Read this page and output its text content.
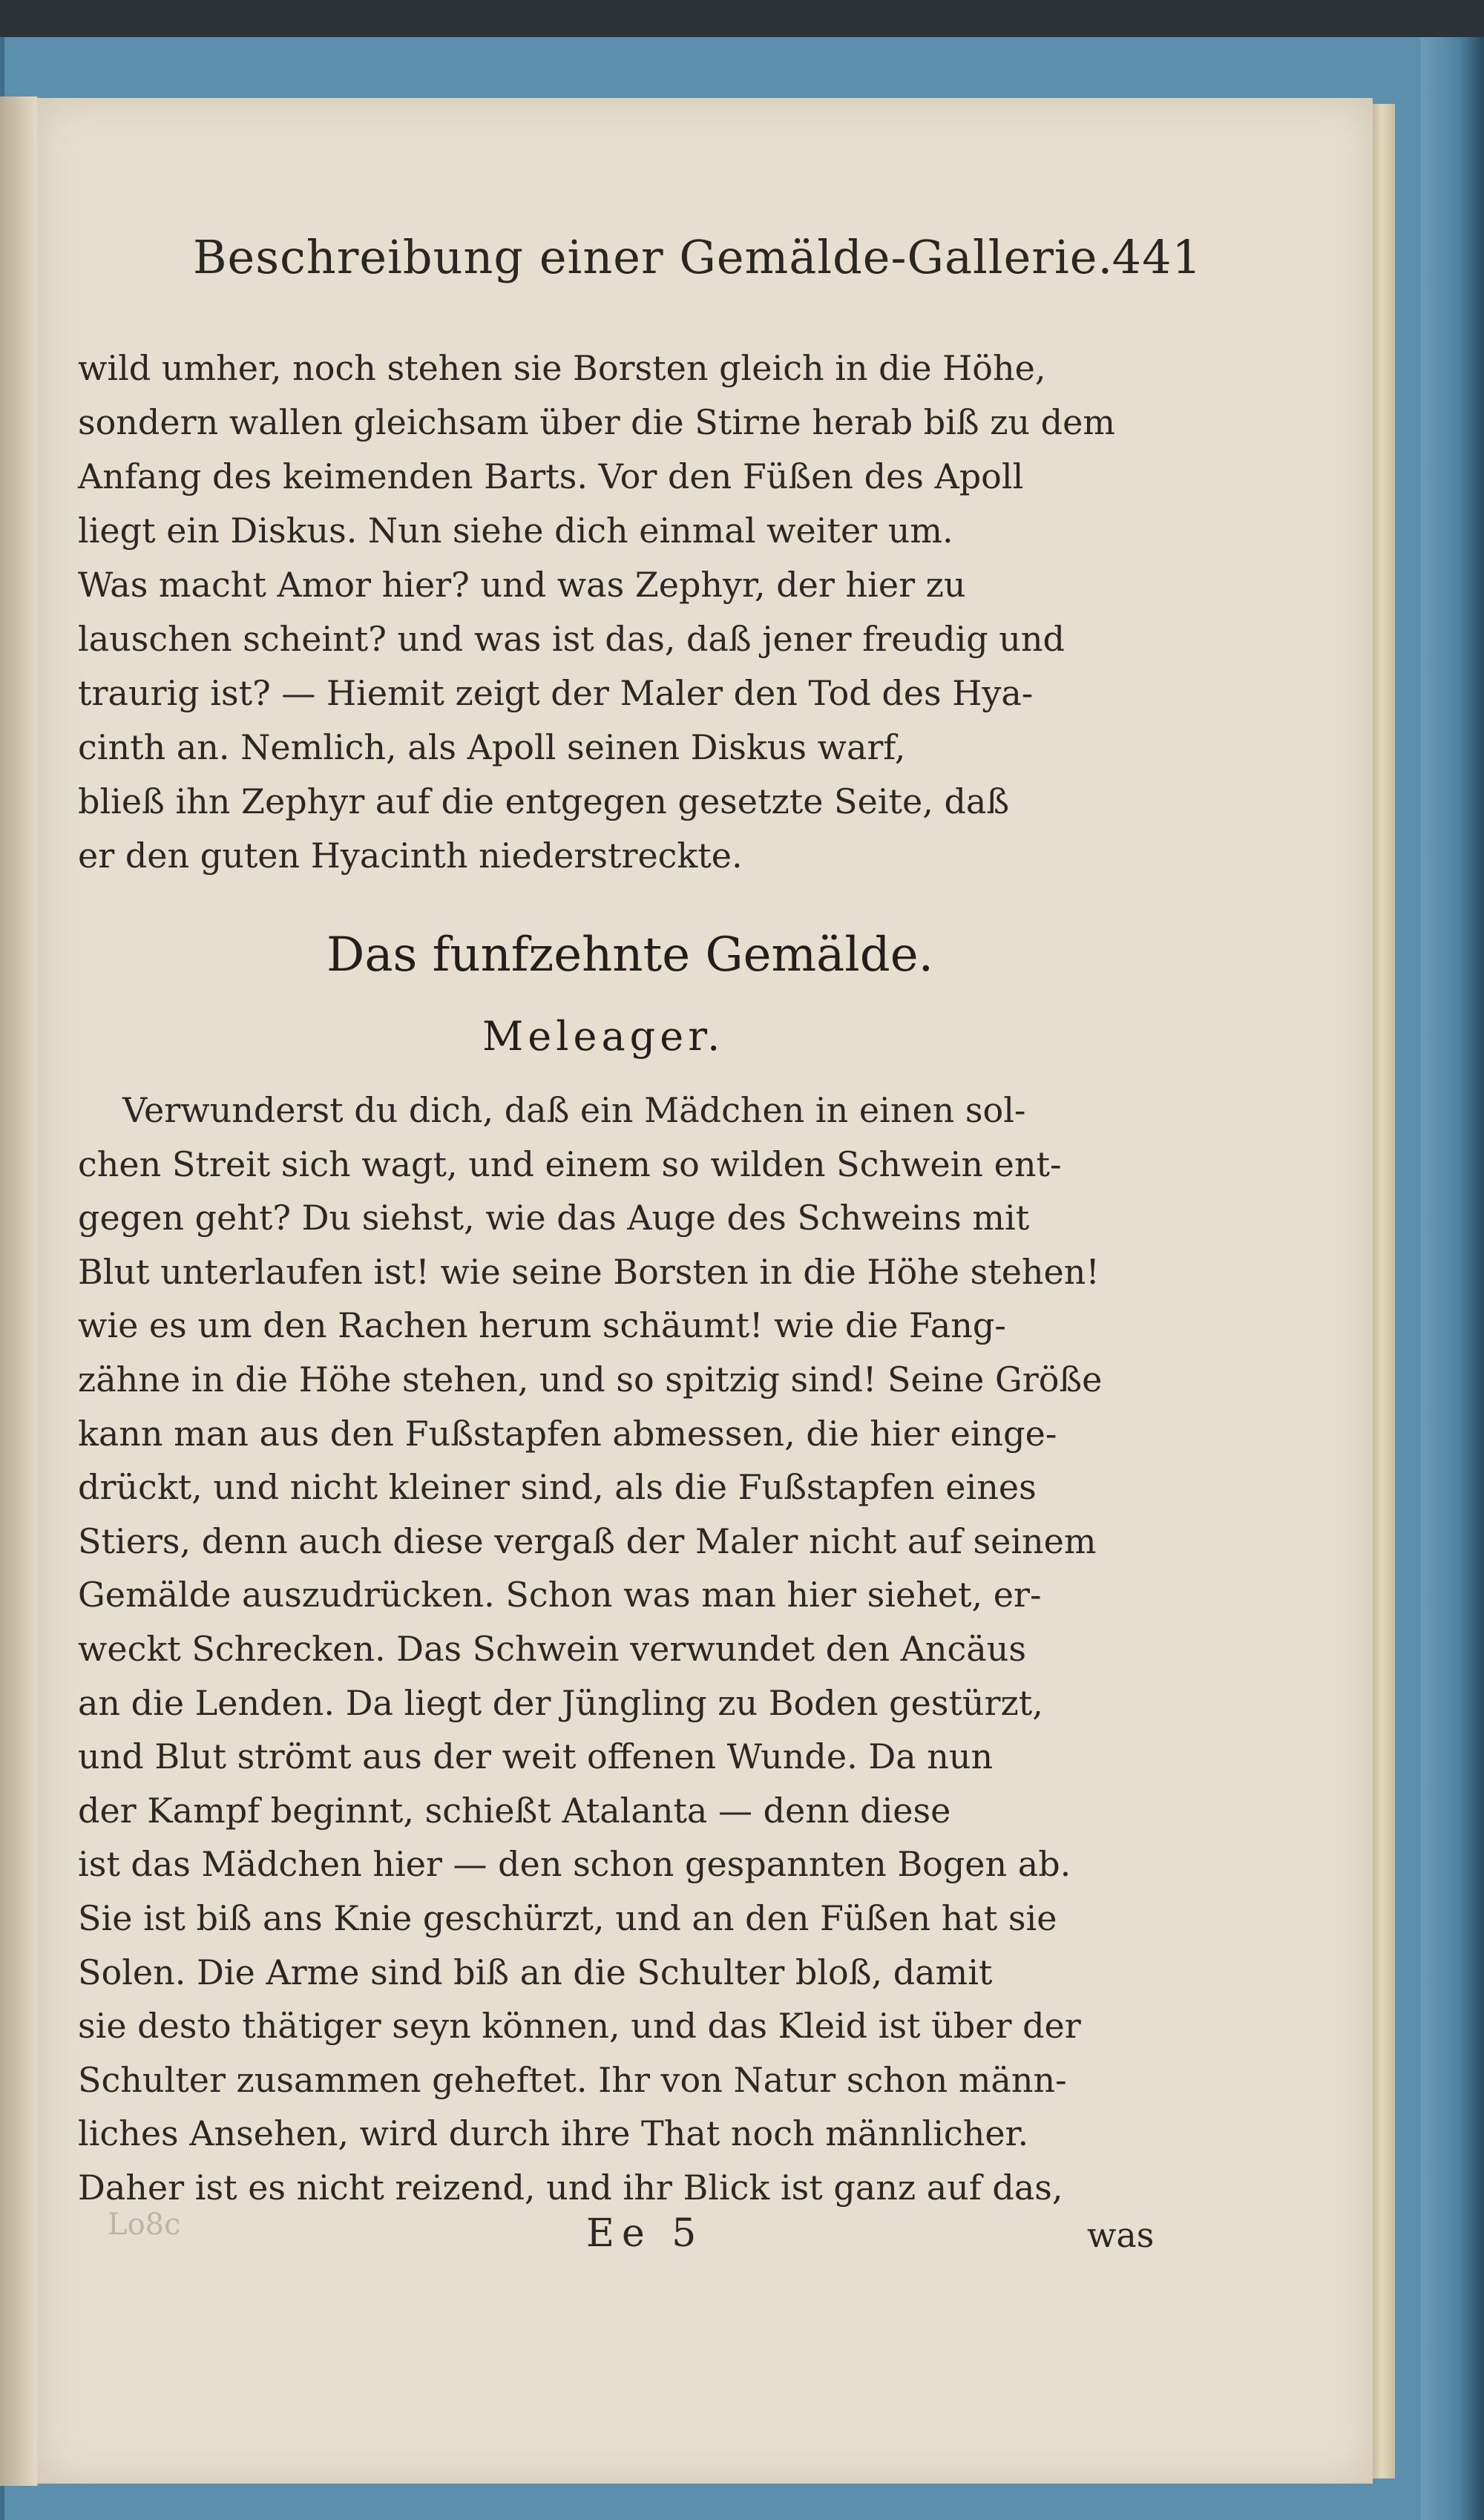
Beschreibung einer Gemälde-Gallerie.
441
wild umher, noch stehen sie Borsten gleich in die Höhe,
sondern wallen gleichsam über die Stirne herab biß zu dem
Anfang des keimenden Barts. Vor den Füßen des Apoll
liegt ein Diskus. Nun siehe dich einmal weiter um.
Was macht Amor hier? und was Zephyr, der hier zu
lauschen scheint? und was ist das, daß jener freudig und
traurig ist? — Hiemit zeigt der Maler den Tod des Hya-
cinth an. Nemlich, als Apoll seinen Diskus warf,
bließ ihn Zephyr auf die entgegen gesetzte Seite, daß
er den guten Hyacinth niederstreckte.
Das funfzehnte Gemälde.
Meleager.
Verwunderst du dich, daß ein Mädchen in einen sol-
chen Streit sich wagt, und einem so wilden Schwein ent-
gegen geht? Du siehst, wie das Auge des Schweins mit
Blut unterlaufen ist! wie seine Borsten in die Höhe stehen!
wie es um den Rachen herum schäumt! wie die Fang-
zähne in die Höhe stehen, und so spitzig sind! Seine Größe
kann man aus den Fußstapfen abmessen, die hier einge-
drückt, und nicht kleiner sind, als die Fußstapfen eines
Stiers, denn auch diese vergaß der Maler nicht auf seinem
Gemälde auszudrücken. Schon was man hier siehet, er-
weckt Schrecken. Das Schwein verwundet den Ancäus
an die Lenden. Da liegt der Jüngling zu Boden gestürzt,
und Blut strömt aus der weit offenen Wunde. Da nun
der Kampf beginnt, schießt Atalanta — denn diese
ist das Mädchen hier — den schon gespannten Bogen ab.
Sie ist biß ans Knie geschürzt, und an den Füßen hat sie
Solen. Die Arme sind biß an die Schulter bloß, damit
sie desto thätiger seyn können, und das Kleid ist über der
Schulter zusammen geheftet. Ihr von Natur schon männ-
liches Ansehen, wird durch ihre That noch männlicher.
Daher ist es nicht reizend, und ihr Blick ist ganz auf das,
Lo8c	Ee 5	was
